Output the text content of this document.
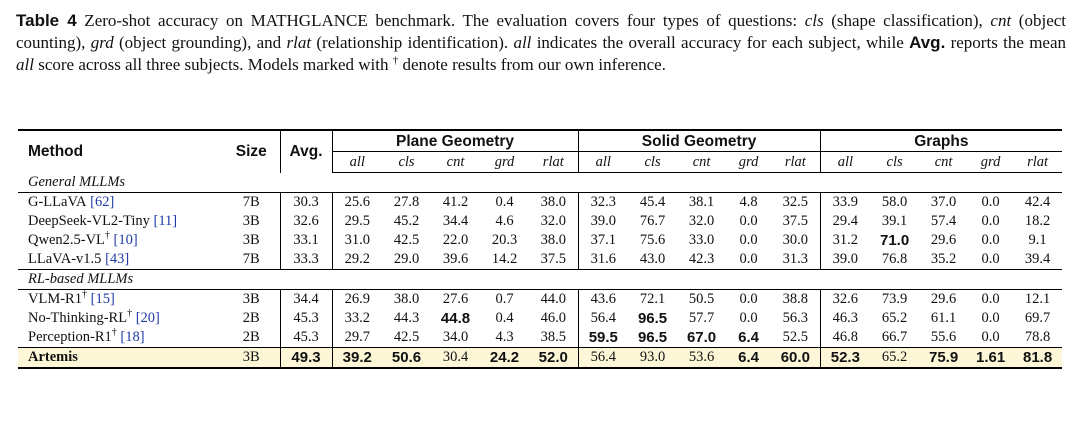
Table 4 Zero-shot accuracy on MATHGLANCE benchmark. The evaluation covers four types of questions: cls (shape classification), cnt (object counting), grd (object grounding), and rlat (relationship identification). all indicates the overall accuracy for each subject, while Avg. reports the mean all score across all three subjects. Models marked with † denote results from our own inference.
Method	Size	Avg.	Plane Geometry					Solid Geometry					Graphs				
			all	cls	cnt	grd	rlat	all	cls	cnt	grd	rlat	all	cls	cnt	grd	rlat
General MLLMs																	
G-LLaVA [62]	7B	30.3	25.6	27.8	41.2	0.4	38.0	32.3	45.4	38.1	4.8	32.5	33.9	58.0	37.0	0.0	42.4
DeepSeek-VL2-Tiny [11]	3B	32.6	29.5	45.2	34.4	4.6	32.0	39.0	76.7	32.0	0.0	37.5	29.4	39.1	57.4	0.0	18.2
Qwen2.5-VL† [10]	3B	33.1	31.0	42.5	22.0	20.3	38.0	37.1	75.6	33.0	0.0	30.0	31.2	71.0	29.6	0.0	9.1
LLaVA-v1.5 [43]	7B	33.3	29.2	29.0	39.6	14.2	37.5	31.6	43.0	42.3	0.0	31.3	39.0	76.8	35.2	0.0	39.4
RL-based MLLMs																	
VLM-R1† [15]	3B	34.4	26.9	38.0	27.6	0.7	44.0	43.6	72.1	50.5	0.0	38.8	32.6	73.9	29.6	0.0	12.1
No-Thinking-RL† [20]	2B	45.3	33.2	44.3	44.8	0.4	46.0	56.4	96.5	57.7	0.0	56.3	46.3	65.2	61.1	0.0	69.7
Perception-R1† [18]	2B	45.3	29.7	42.5	34.0	4.3	38.5	59.5	96.5	67.0	6.4	52.5	46.8	66.7	55.6	0.0	78.8
Artemis	3B	49.3	39.2	50.6	30.4	24.2	52.0	56.4	93.0	53.6	6.4	60.0	52.3	65.2	75.9	1.61	81.8
